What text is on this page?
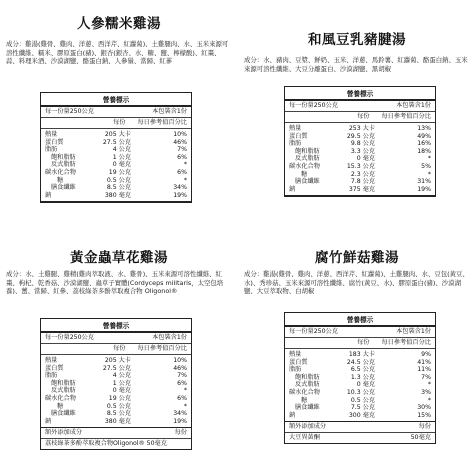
人參糯米雞湯
成分：雞湯(雞骨、雞肉、洋蔥、西洋芹、紅蘿蔔)、土雞腿肉、水、玉米來源可溶性纖維、糯米、膠原蛋白(豬)、銀杏(銀杏、水、糖、鹽、檸檬酸)、紅棗、蒜、料理米酒、沙漠湖鹽、酪蛋白鈉、人參鬚、當歸、紅蔘
營養標示
每一份量250公克	本包裝含1份
每份 每日參考值百分比
熱量	205 大卡	10%
蛋白質	27.5 公克	46%
脂肪	4 公克	7%
飽和脂肪	1 公克	6%
反式脂肪	0 毫克	*
碳水化合物	19 公克	6%
糖	0.5 公克	*
膳食纖維	8.5 公克	34%
鈉	380 毫克	19%
和風豆乳豬腱湯
成分：水、豬肉、豆漿、鮮奶、玉米、洋蔥、馬鈴薯、紅蘿蔔、酪蛋白鈉、玉米來源可溶性纖維、大豆分離蛋白、沙漠湖鹽、黑胡椒
營養標示
每一份量250公克	本包裝含1份
每份 每日參考值百分比
熱量	253 大卡	13%
蛋白質	29.5 公克	49%
脂肪	9.8 公克	16%
飽和脂肪	3.3 公克	18%
反式脂肪	0 毫克	*
碳水化合物	15.3 公克	5%
糖	2.3 公克	*
膳食纖維	7.8 公克	31%
鈉	375 毫克	19%
黃金蟲草花雞湯
成分：水、土雞腿、雞精(雞肉萃取液、水、雞骨)、玉米來源可溶性纖維、紅棗、枸杞、乾香菇、沙漠湖鹽、蟲草子實體(Cordyceps militaris，太空包培養)、薑、當歸、紅參、荔枝綠茶多酚萃取複合物 Oligonol®
營養標示
每一份量250公克	本包裝含1份
每份 每日參考值百分比
熱量	205 大卡	10%
蛋白質	27.5 公克	46%
脂肪	4 公克	7%
飽和脂肪	1 公克	6%
反式脂肪	0 毫克	*
碳水化合物	19 公克	6%
糖	0.5 公克	*
膳食纖維	8.5 公克	34%
鈉	380 毫克	19%
額外添加成分	每份
荔枝綠茶多酚萃取複合物Oligonol® 50毫克
腐竹鮮菇雞湯
成分：雞湯(雞骨、雞肉、洋蔥、西洋芹、紅蘿蔔)、土雞腿肉、水、豆包(黃豆、水)、秀珍菇、玉米來源可溶性纖維、腐竹(黃豆、水)、膠原蛋白(豬)、沙漠湖鹽、大豆萃取物、白胡椒
營養標示
每一份量250公克	本包裝含1份
每份 每日參考值百分比
熱量	183 大卡	9%
蛋白質	24.5 公克	41%
脂肪	6.5 公克	11%
飽和脂肪	1.3 公克	7%
反式脂肪	0 毫克	*
碳水化合物	10.3 公克	3%
糖	0.5 公克	*
膳食纖維	7.5 公克	30%
鈉	300 毫克	15%
額外添加成分	每份
大豆異黃酮	50毫克
